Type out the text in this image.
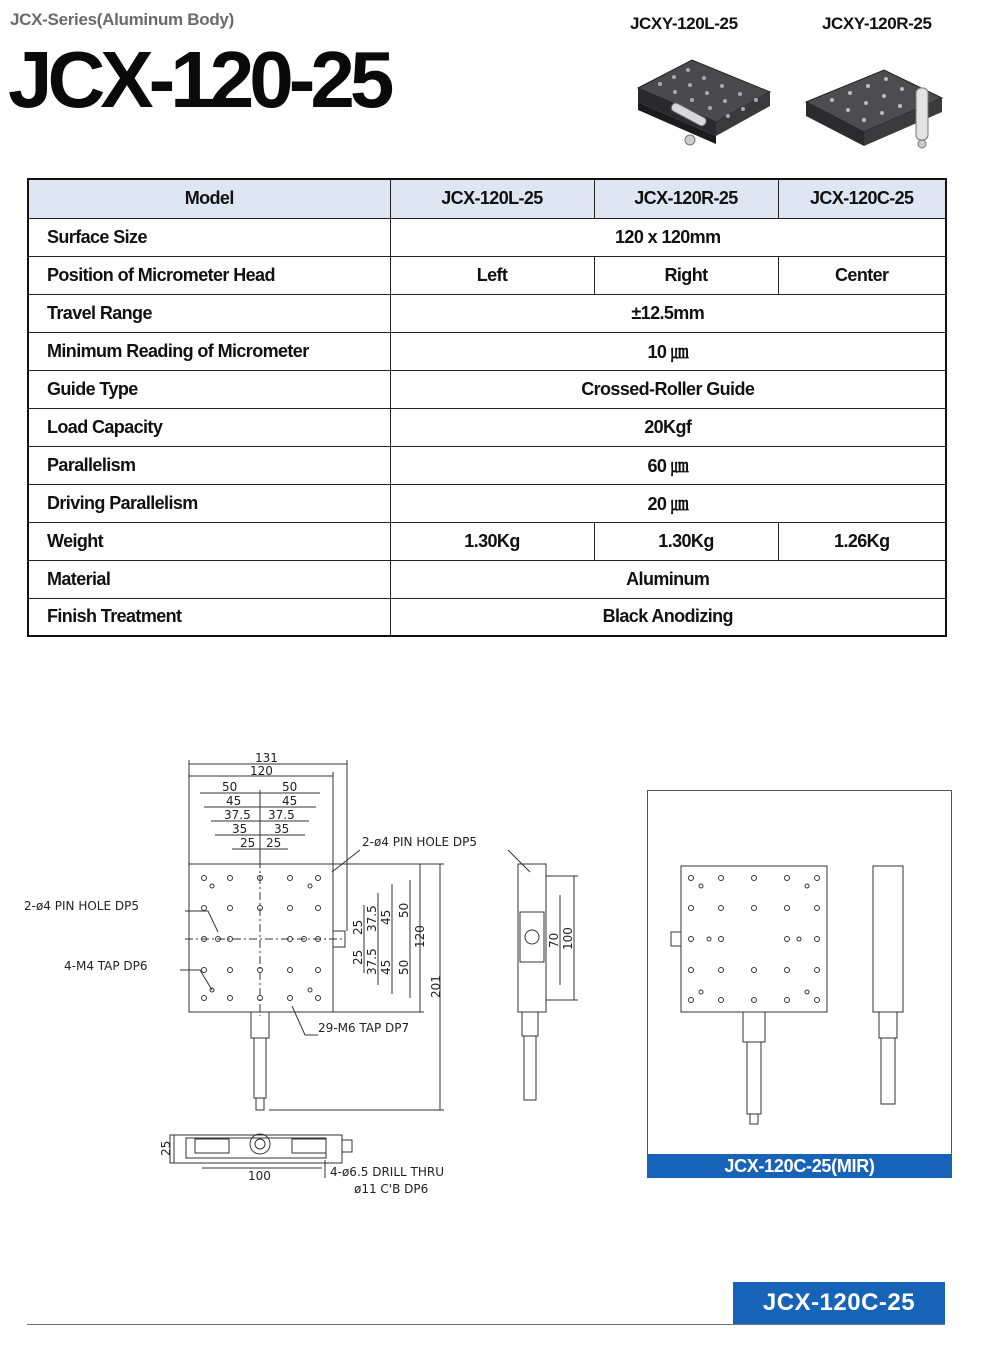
JCX-Series(Aluminum Body)
JCX-120-25
JCXY-120L-25	JCXY-120R-25
Model	JCX-120L-25	JCX-120R-25	JCX-120C-25
Surface Size	120 x 120mm		
Position of Micrometer Head	Left	Right	Center
Travel Range	±12.5mm		
Minimum Reading of Micrometer	10 ㎛		
Guide Type	Crossed-Roller Guide		
Load Capacity	20Kgf		
Parallelism	60 ㎛		
Driving Parallelism	20 ㎛		
Weight	1.30Kg	1.30Kg	1.26Kg
Material	Aluminum		
Finish Treatment	Black Anodizing		
131
120
50	50
45	45
37.5 37.5
35 35
25 25
2-ø4 PIN HOLE DP5
4-M4 TAP DP6
2-ø4 PIN HOLE DP5
29-M6 TAP DP7
4-ø6.5 DRILL THRU
ø11 C'B DP6
100
25
25 37.5 45 50
25 37.5 45 50
120
201
70 100
JCX-120C-25(MIR)
JCX-120C-25
